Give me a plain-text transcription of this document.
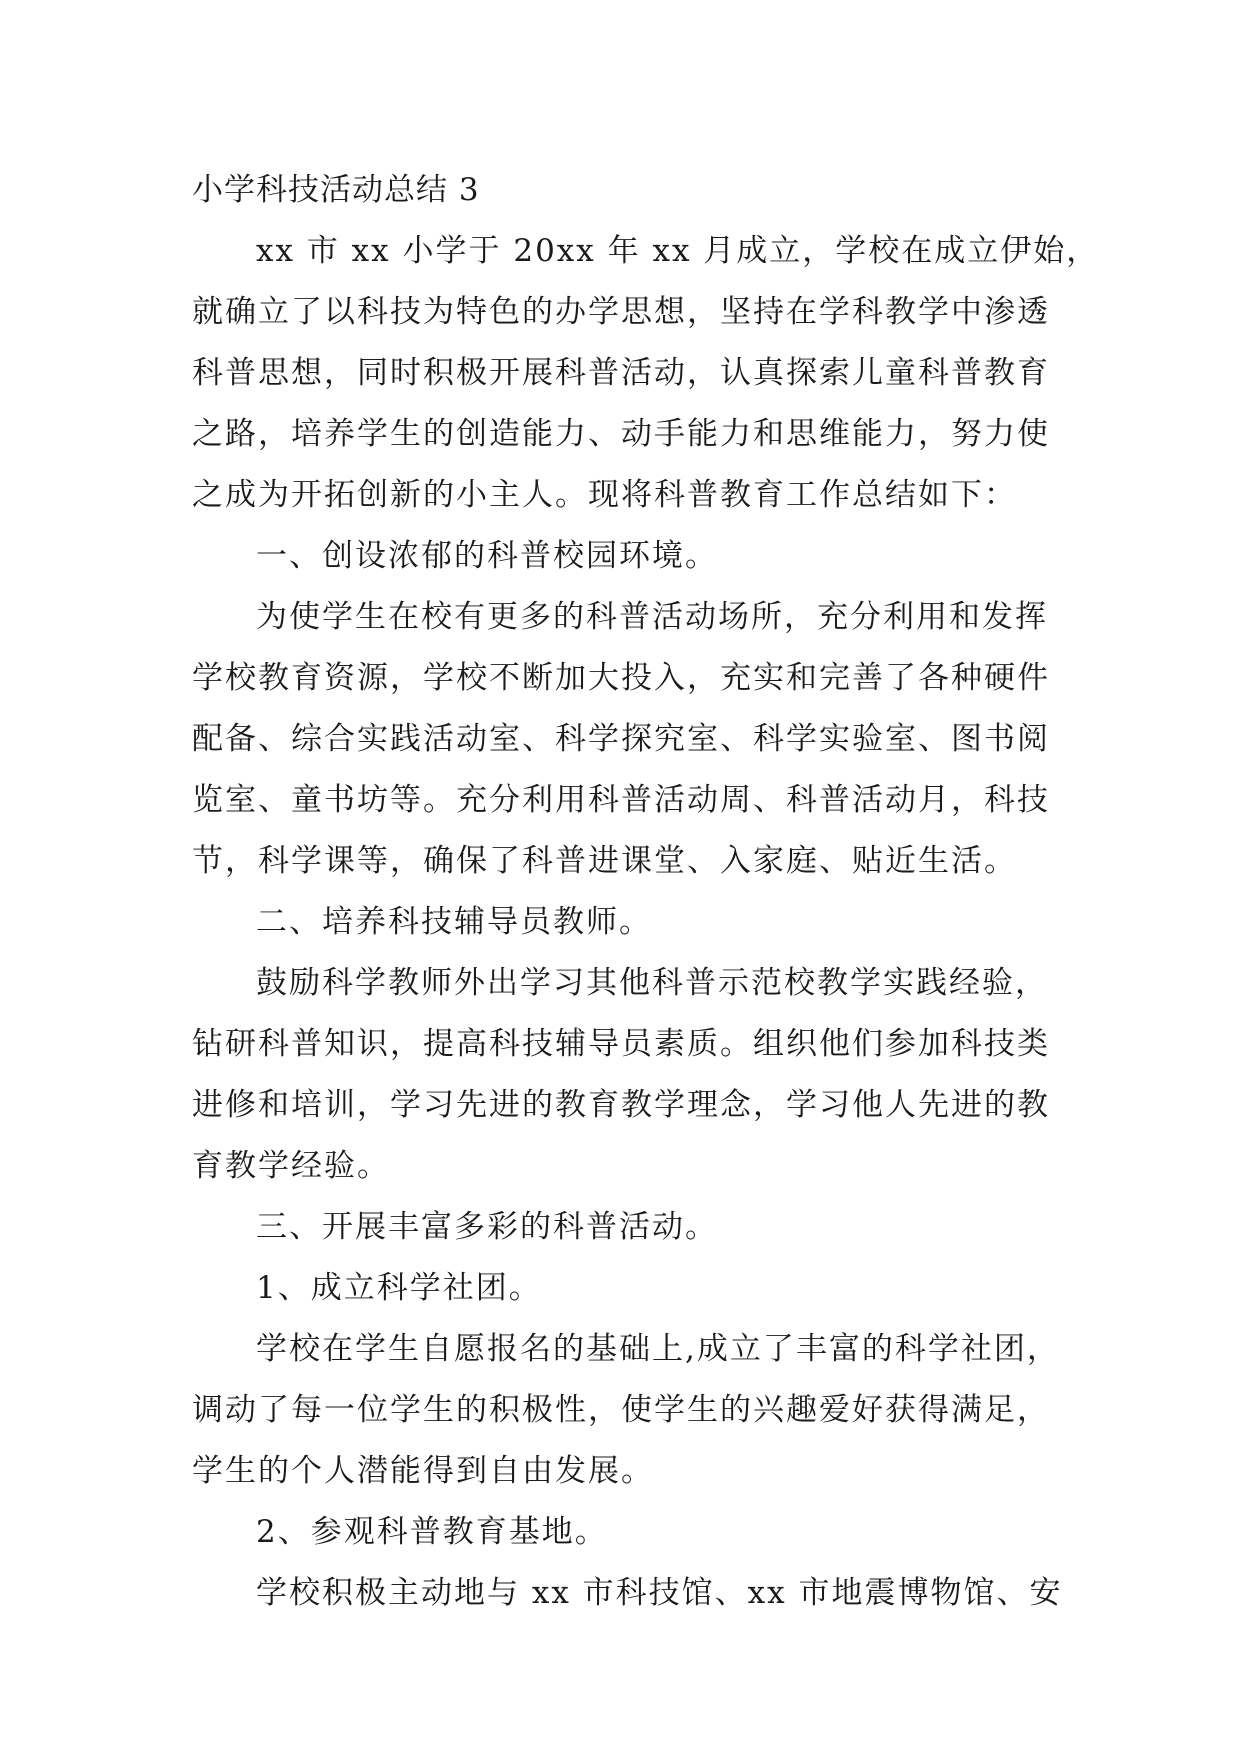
小学科技活动总结 3
xx 市 xx 小学于 20xx 年 xx 月成立，学校在成立伊始，
就确立了以科技为特色的办学思想，坚持在学科教学中渗透
科普思想，同时积极开展科普活动，认真探索儿童科普教育
之路，培养学生的创造能力、动手能力和思维能力，努力使
之成为开拓创新的小主人。现将科普教育工作总结如下：
一、创设浓郁的科普校园环境。
为使学生在校有更多的科普活动场所，充分利用和发挥
学校教育资源，学校不断加大投入，充实和完善了各种硬件
配备、综合实践活动室、科学探究室、科学实验室、图书阅
览室、童书坊等。充分利用科普活动周、科普活动月，科技
节，科学课等，确保了科普进课堂、入家庭、贴近生活。
二、培养科技辅导员教师。
鼓励科学教师外出学习其他科普示范校教学实践经验，
钻研科普知识，提高科技辅导员素质。组织他们参加科技类
进修和培训，学习先进的教育教学理念，学习他人先进的教
育教学经验。
三、开展丰富多彩的科普活动。
1、成立科学社团。
学校在学生自愿报名的基础上,成立了丰富的科学社团，
调动了每一位学生的积极性，使学生的兴趣爱好获得满足，
学生的个人潜能得到自由发展。
2、参观科普教育基地。
学校积极主动地与 xx 市科技馆、xx 市地震博物馆、安
